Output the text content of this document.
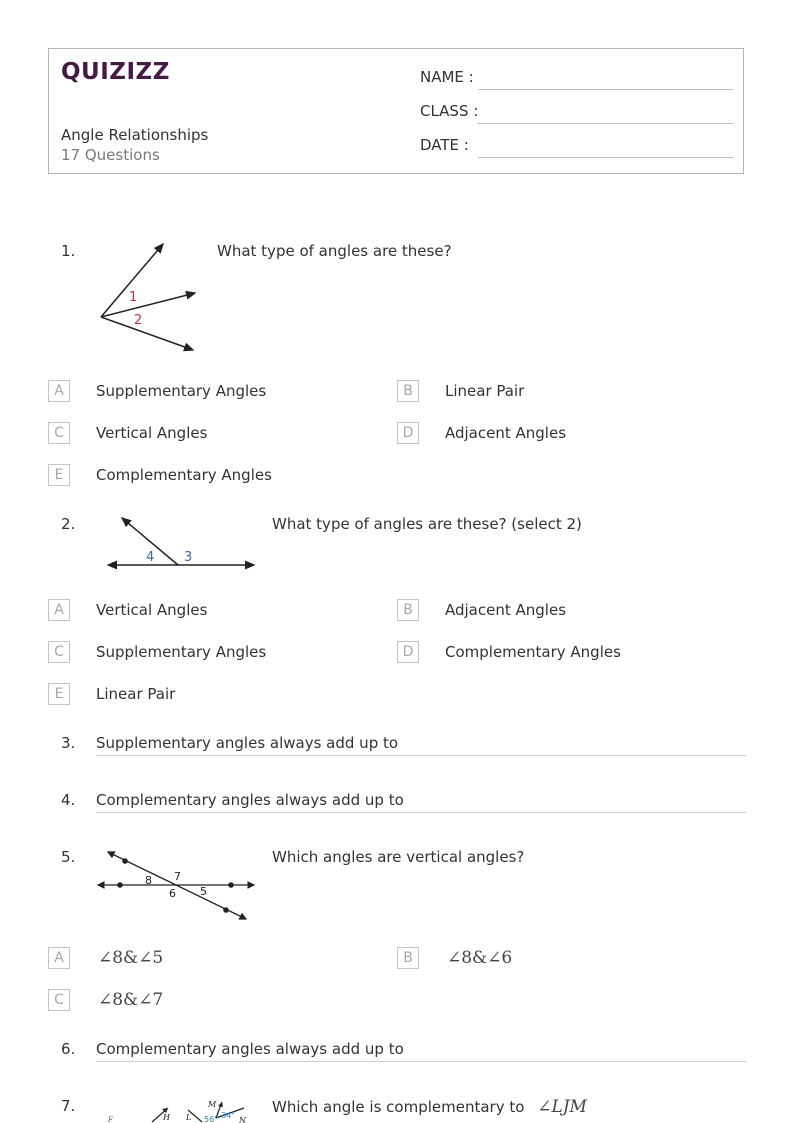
QUIZIZZ
Angle Relationships
17 Questions
NAME :
CLASS :
DATE :
1.
1
2
What type of angles are these?
A	Supplementary Angles	B	Linear Pair
C	Vertical Angles	D	Adjacent Angles
E	Complementary Angles
2.
4 3
What type of angles are these? (select 2)
A	Vertical Angles	B	Adjacent Angles
C	Supplementary Angles	D	Complementary Angles
E	Linear Pair
3. Supplementary angles always add up to
4. Complementary angles always add up to
5.
8 7
6 5
Which angles are vertical angles?
A	∠8&∠5	B	∠8&∠6
C	∠8&∠7
6. Complementary angles always add up to
7.
F	H L
M
56° 34°
N
Which angle is complementary to ∠LJM
